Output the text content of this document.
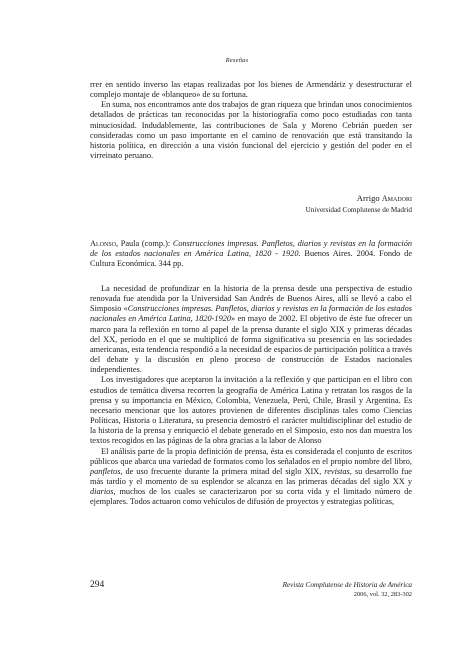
Reseñas

rrer en sentido inverso las etapas realizadas por los bienes de Armendáriz y desestructurar el complejo montaje de «blanqueo» de su fortuna.

En suma, nos encontramos ante dos trabajos de gran riqueza que brindan unos conocimientos detallados de prácticas tan reconocidas por la historiografía como poco estudiadas con tanta minuciosidad. Indudablemente, las contribuciones de Sala y Moreno Cebrián pueden ser consideradas como un paso importante en el camino de renovación que está transitando la historia política, en dirección a una visión funcional del ejercicio y gestión del poder en el virreinato peruano.

Arrigo Amadori
Universidad Complutense de Madrid
Alonso, Paula (comp.): Construcciones impresas. Panfletos, diarios y revistas en la formación de los estados nacionales en América Latina, 1820 - 1920. Buenos Aires. 2004. Fondo de Cultura Económica. 344 pp.

La necesidad de profundizar en la historia de la prensa desde una perspectiva de estudio renovada fue atendida por la Universidad San Andrés de Buenos Aires, allí se llevó a cabo el Simposio «Construcciones impresas. Panfletos, diarios y revistas en la formación de los estados nacionales en América Latina, 1820-1920» en mayo de 2002. El objetivo de éste fue ofrecer un marco para la reflexión en torno al papel de la prensa durante el siglo XIX y primeras décadas del XX, período en el que se multiplicó de forma significativa su presencia en las sociedades americanas, esta tendencia respondió a la necesidad de espacios de participación política a través del debate y la discusión en pleno proceso de construcción de Estados nacionales independientes.

Los investigadores que aceptaron la invitación a la reflexión y que participan en el libro con estudios de temática diversa recorren la geografía de América Latina y retratan los rasgos de la prensa y su importancia en México, Colombia, Venezuela, Perú, Chile, Brasil y Argentina. Es necesario mencionar que los autores provienen de diferentes disciplinas tales como Ciencias Políticas, Historia o Literatura, su presencia demostró el carácter multidisciplinar del estudio de la historia de la prensa y enriqueció el debate generado en el Simposio, esto nos dan muestra los textos recogidos en las páginas de la obra gracias a la labor de Alonso

El análisis parte de la propia definición de prensa, ésta es considerada el conjunto de escritos públicos que abarca una variedad de formatos como los señalados en el propio nombre del libro, panfletos, de uso frecuente durante la primera mitad del siglo XIX, revistas, su desarrollo fue más tardío y el momento de su esplendor se alcanza en las primeras décadas del siglo XX y diarios, muchos de los cuales se caracterizaron por su corta vida y el limitado número de ejemplares. Todos actuaron como vehículos de difusión de proyectos y estrategias políticas,

294	Revista Complutense de Historia de América
2006, vol. 32, 283-302
